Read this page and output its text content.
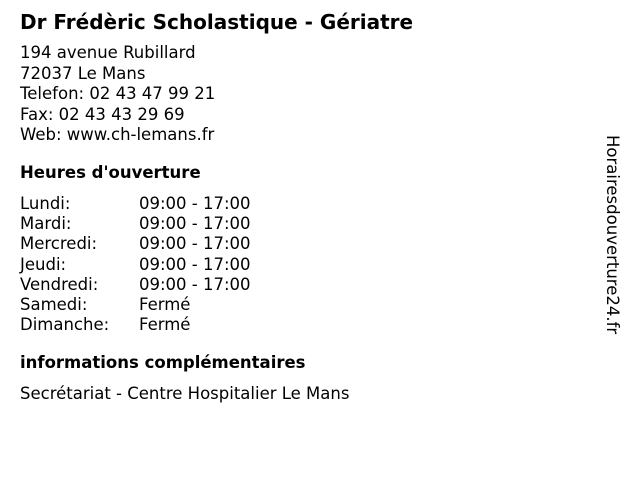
Dr Frédèric Scholastique - Gériatre
194 avenue Rubillard
72037 Le Mans
Telefon: 02 43 47 99 21
Fax: 02 43 43 29 69
Web: www.ch-lemans.fr
Heures d'ouverture
Lundi:	09:00 - 17:00
Mardi:	09:00 - 17:00
Mercredi:	09:00 - 17:00
Jeudi:	09:00 - 17:00
Vendredi: 09:00 - 17:00
Samedi:	Fermé
Dimanche: Fermé
informations complémentaires
Secrétariat - Centre Hospitalier Le Mans
Horairesdouverture24.fr
